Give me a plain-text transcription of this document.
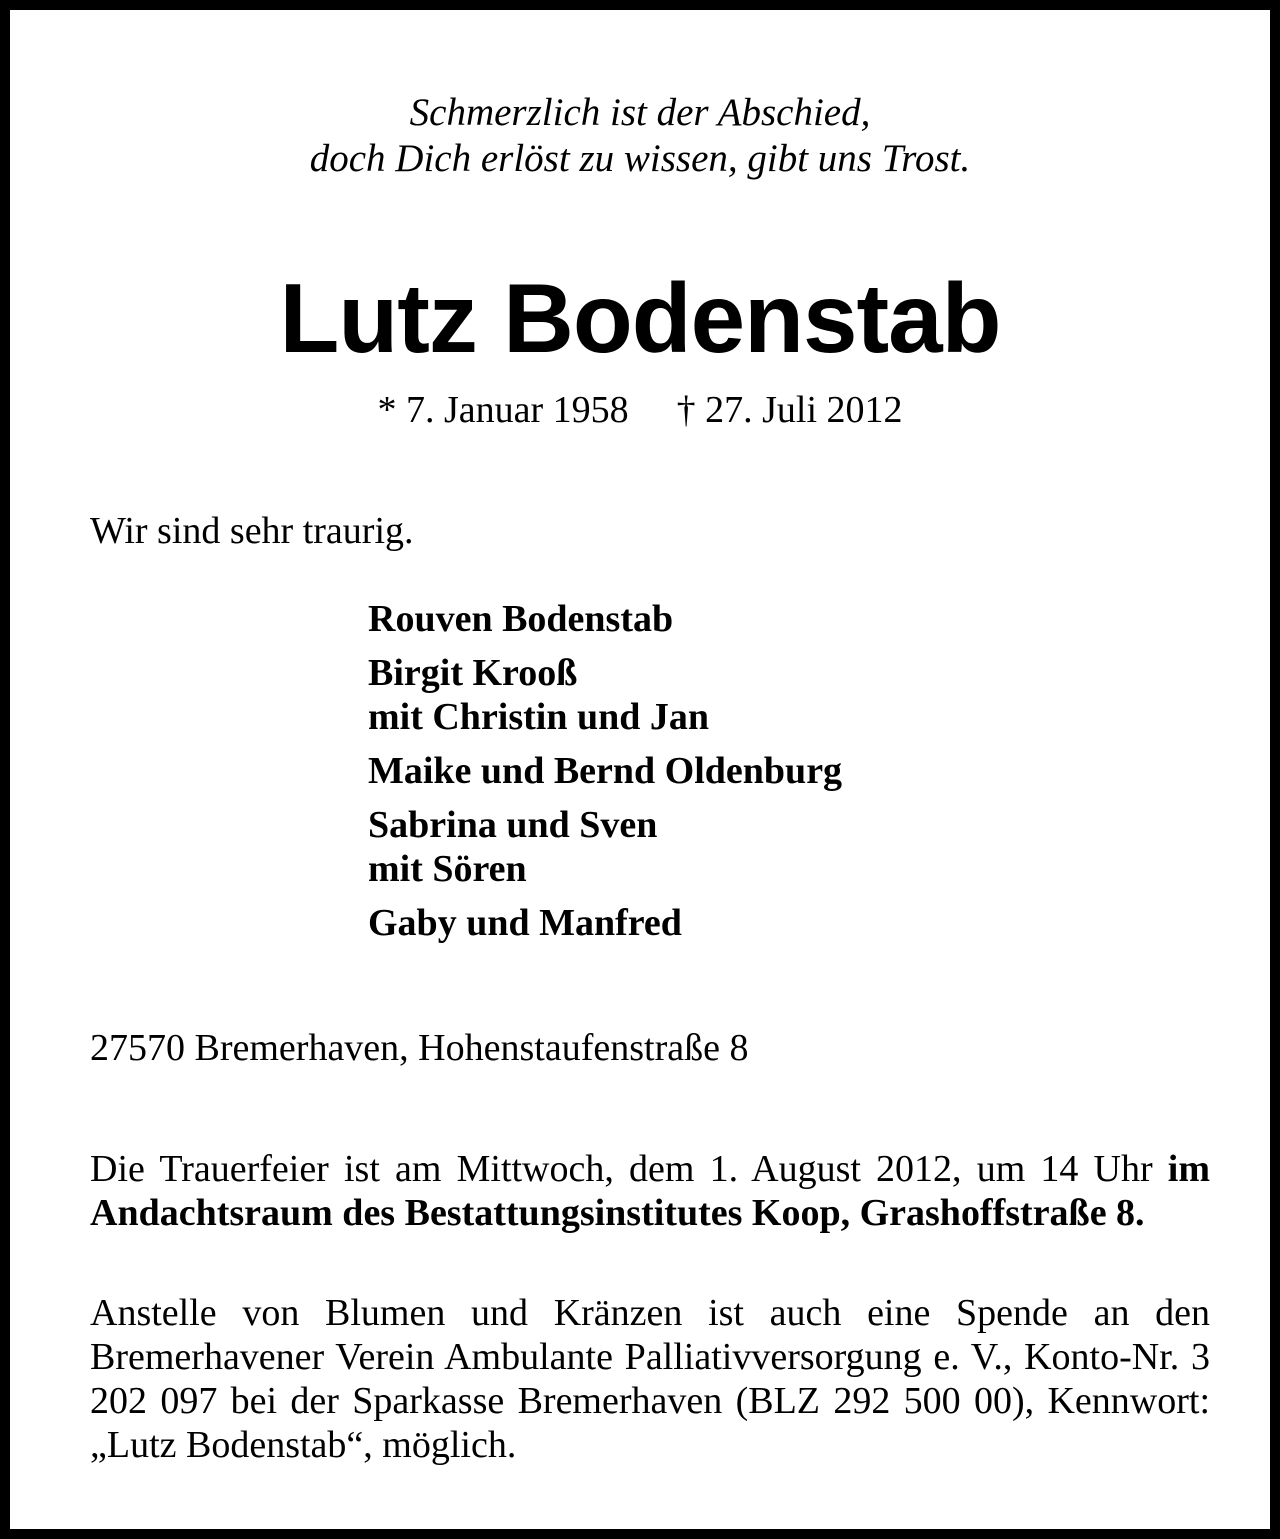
Schmerzlich ist der Abschied,
doch Dich erlöst zu wissen, gibt uns Trost.
Lutz Bodenstab
* 7. Januar 1958 † 27. Juli 2012
Wir sind sehr traurig.
Rouven Bodenstab
Birgit Krooß
mit Christin und Jan
Maike und Bernd Oldenburg
Sabrina und Sven
mit Sören
Gaby und Manfred
27570 Bremerhaven, Hohenstaufenstraße 8
Die Trauerfeier ist am Mittwoch, dem 1. August 2012, um 14 Uhr im Andachtsraum des Bestattungsinstitutes Koop, Grashoffstraße 8.
Anstelle von Blumen und Kränzen ist auch eine Spende an den Bremerhavener Verein Ambulante Palliativversorgung e. V., Konto-Nr. 3 202 097 bei der Sparkasse Bremerhaven (BLZ 292 500 00), Kennwort: „Lutz Bodenstab“, möglich.
